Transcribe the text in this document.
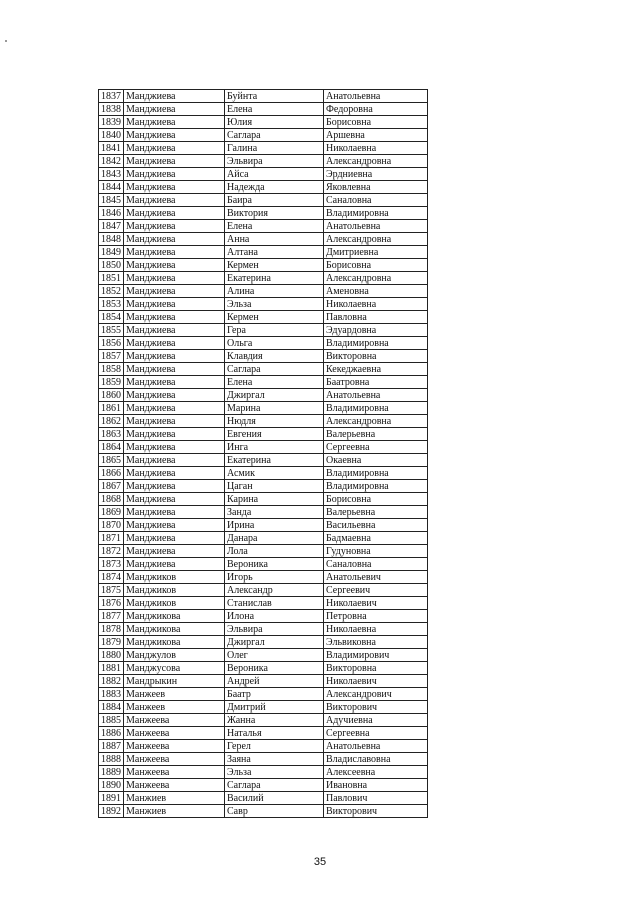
1837	Манджиева	Буйнта	Анатольевна
1838	Манджиева	Елена	Федоровна
1839	Манджиева	Юлия	Борисовна
1840	Манджиева	Саглара	Аршевна
1841	Манджиева	Галина	Николаевна
1842	Манджиева	Эльвира	Александровна
1843	Манджиева	Айса	Эрдниевна
1844	Манджиева	Надежда	Яковлевна
1845	Манджиева	Баира	Саналовна
1846	Манджиева	Виктория	Владимировна
1847	Манджиева	Елена	Анатольевна
1848	Манджиева	Анна	Александровна
1849	Манджиева	Алтана	Дмитриевна
1850	Манджиева	Кермен	Борисовна
1851	Манджиева	Екатерина	Александровна
1852	Манджиева	Алина	Аменовна
1853	Манджиева	Эльза	Николаевна
1854	Манджиева	Кермен	Павловна
1855	Манджиева	Гера	Эдуардовна
1856	Манджиева	Ольга	Владимировна
1857	Манджиева	Клавдия	Викторовна
1858	Манджиева	Саглара	Кекеджаевна
1859	Манджиева	Елена	Баатровна
1860	Манджиева	Джиргал	Анатольевна
1861	Манджиева	Марина	Владимировна
1862	Манджиева	Нюдля	Александровна
1863	Манджиева	Евгения	Валерьевна
1864	Манджиева	Инга	Сергеевна
1865	Манджиева	Екатерина	Окаевна
1866	Манджиева	Асмик	Владимировна
1867	Манджиева	Цаган	Владимировна
1868	Манджиева	Карина	Борисовна
1869	Манджиева	Занда	Валерьевна
1870	Манджиева	Ирина	Васильевна
1871	Манджиева	Данара	Бадмаевна
1872	Манджиева	Лола	Гудуновна
1873	Манджиева	Вероника	Саналовна
1874	Манджиков	Игорь	Анатольевич
1875	Манджиков	Александр	Сергеевич
1876	Манджиков	Станислав	Николаевич
1877	Манджикова	Илона	Петровна
1878	Манджикова	Эльвира	Николаевна
1879	Манджикова	Джиргал	Эльвиковна
1880	Манджулов	Олег	Владимирович
1881	Манджусова	Вероника	Викторовна
1882	Мандрыкин	Андрей	Николаевич
1883	Манжеев	Баатр	Александрович
1884	Манжеев	Дмитрий	Викторович
1885	Манжеева	Жанна	Адучиевна
1886	Манжеева	Наталья	Сергеевна
1887	Манжеева	Герел	Анатольевна
1888	Манжеева	Заяна	Владиславовна
1889	Манжеева	Эльза	Алексеевна
1890	Манжеева	Саглара	Ивановна
1891	Манжиев	Василий	Павлович
1892	Манжиев	Савр	Викторович
35
